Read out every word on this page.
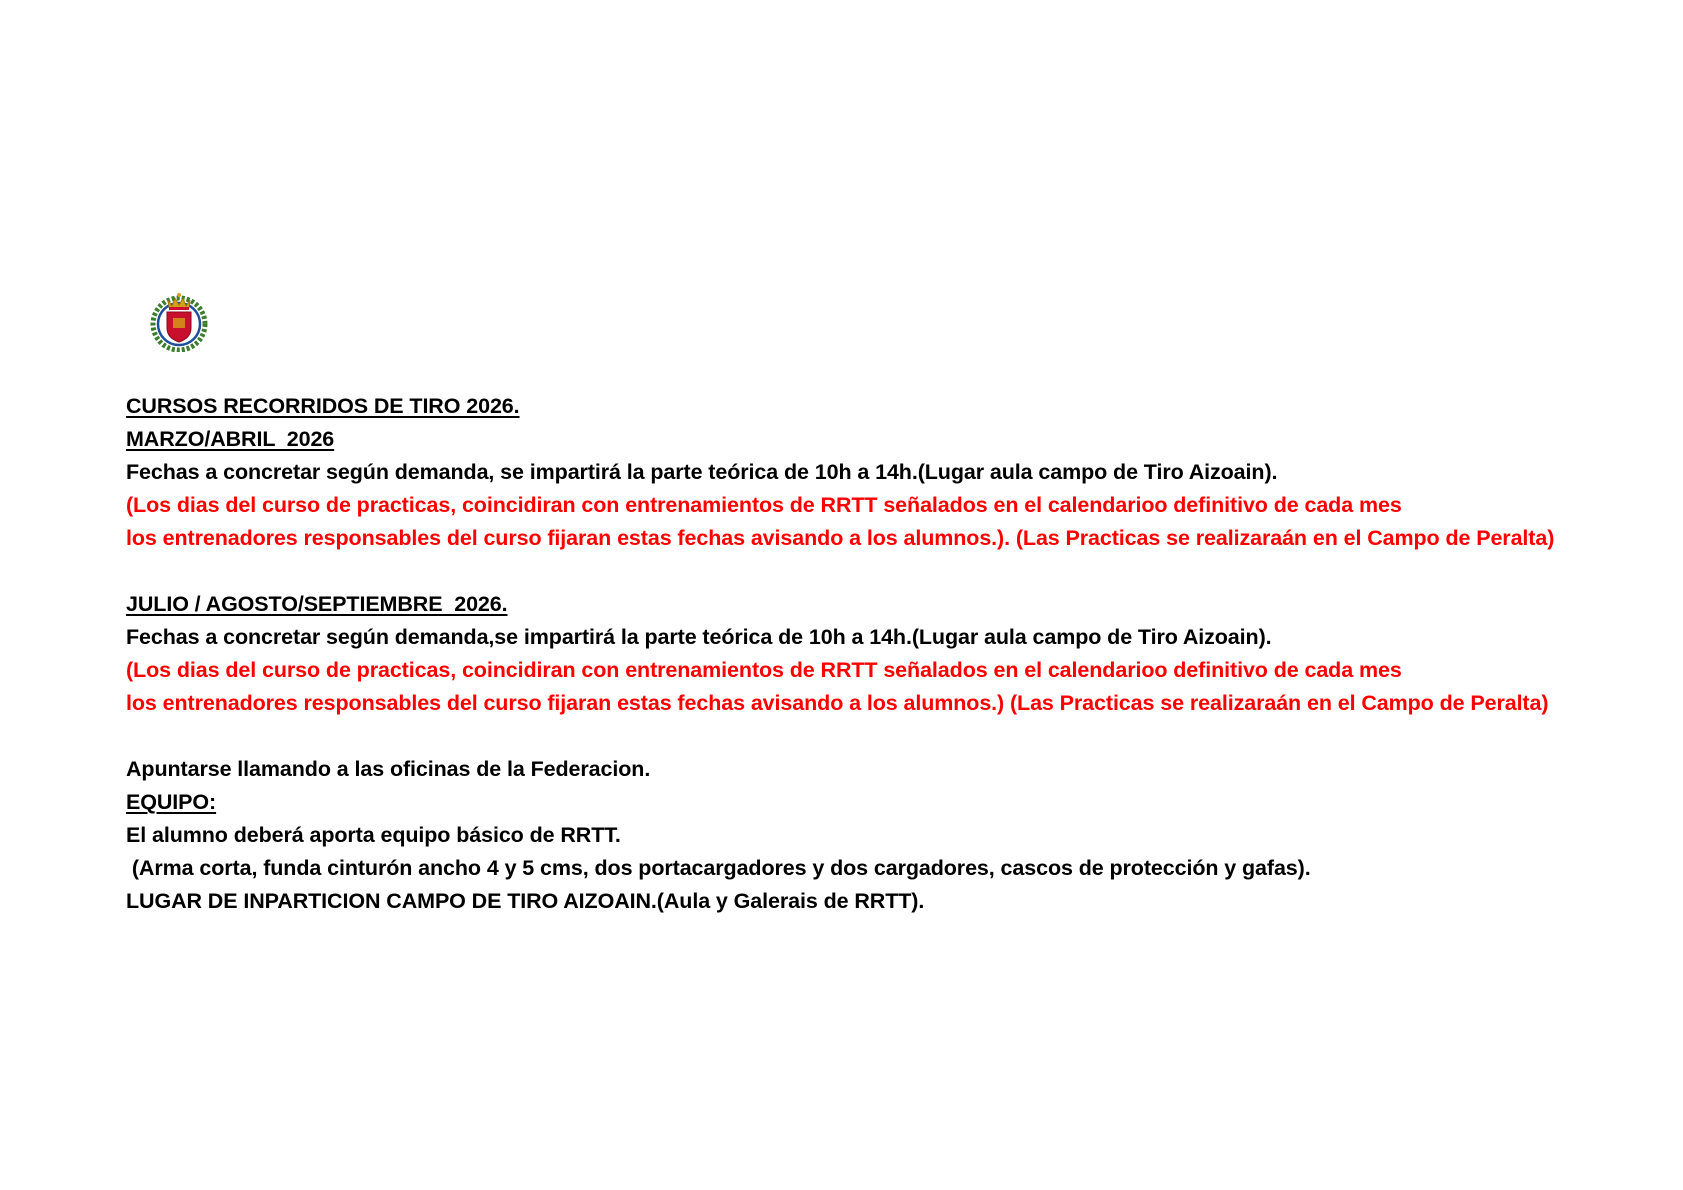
CURSOS RECORRIDOS DE TIRO 2026.
MARZO/ABRIL  2026
Fechas a concretar según demanda, se impartirá la parte teórica de 10h a 14h.(Lugar aula campo de Tiro Aizoain).
(Los dias del curso de practicas, coincidiran con entrenamientos de RRTT señalados en el calendarioo definitivo de cada mes
los entrenadores responsables del curso fijaran estas fechas avisando a los alumnos.). (Las Practicas se realizaraán en el Campo de Peralta)
JULIO / AGOSTO/SEPTIEMBRE  2026.
Fechas a concretar según demanda,se impartirá la parte teórica de 10h a 14h.(Lugar aula campo de Tiro Aizoain).
(Los dias del curso de practicas, coincidiran con entrenamientos de RRTT señalados en el calendarioo definitivo de cada mes
los entrenadores responsables del curso fijaran estas fechas avisando a los alumnos.) (Las Practicas se realizaraán en el Campo de Peralta)
Apuntarse llamando a las oficinas de la Federacion.
EQUIPO:
El alumno deberá aporta equipo básico de RRTT.
(Arma corta, funda cinturón ancho 4 y 5 cms, dos portacargadores y dos cargadores, cascos de protección y gafas).
LUGAR DE INPARTICION CAMPO DE TIRO AIZOAIN.(Aula y Galerais de RRTT).
